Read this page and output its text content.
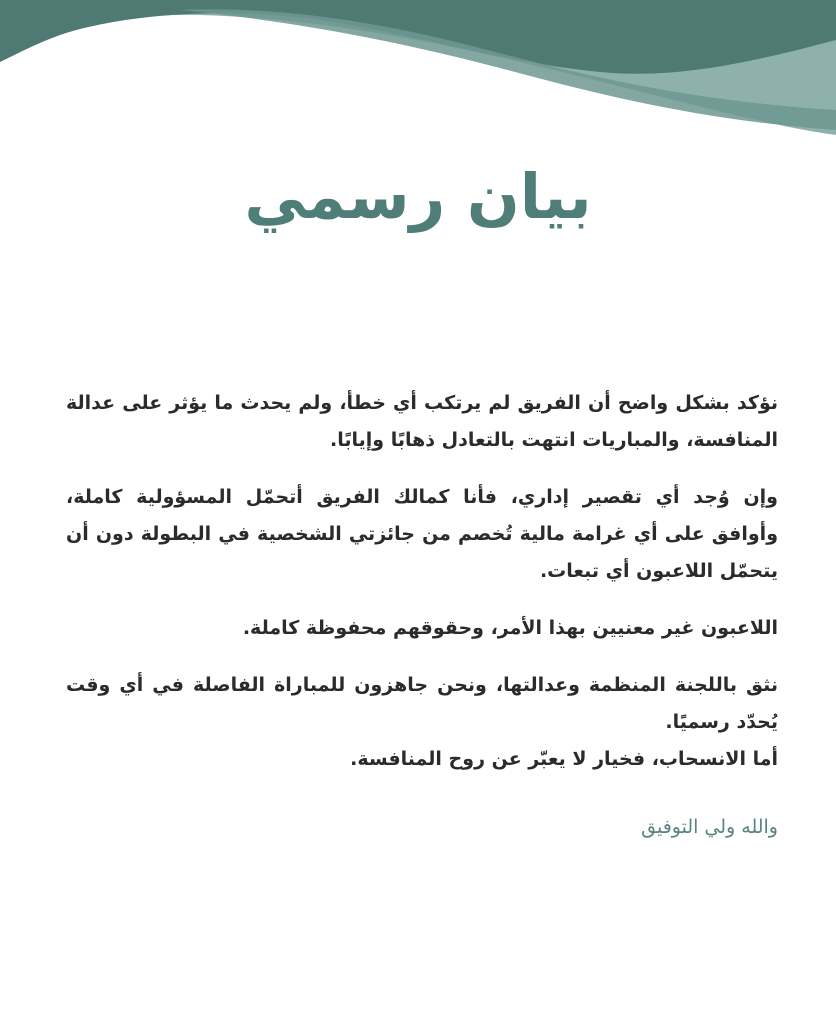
بيان رسمي

نؤكد بشكل واضح أن الفريق لم يرتكب أي خطأ، ولم يحدث ما يؤثر على عدالة المنافسة، والمباريات انتهت بالتعادل ذهابًا وإيابًا.

وإن وُجد أي تقصير إداري، فأنا كمالك الفريق أتحمّل المسؤولية كاملة، وأوافق على أي غرامة مالية تُخصم من جائزتي الشخصية في البطولة دون أن يتحمّل اللاعبون أي تبعات.

اللاعبون غير معنيين بهذا الأمر، وحقوقهم محفوظة كاملة.

نثق باللجنة المنظمة وعدالتها، ونحن جاهزون للمباراة الفاصلة في أي وقت يُحدّد رسميًا.

أما الانسحاب، فخيار لا يعبّر عن روح المنافسة.

والله ولي التوفيق
